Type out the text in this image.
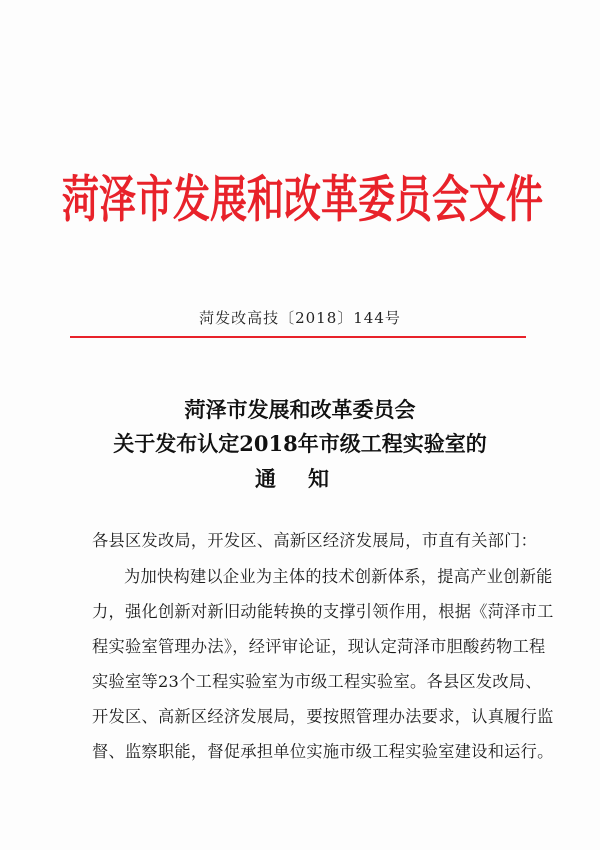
菏泽市发展和改革委员会文件
菏发改高技〔2018〕144号
菏泽市发展和改革委员会
关于发布认定2018年市级工程实验室的
通知
各县区发改局，开发区、高新区经济发展局，市直有关部门：
为加快构建以企业为主体的技术创新体系，提高产业创新能
力，强化创新对新旧动能转换的支撑引领作用，根据《菏泽市工
程实验室管理办法》，经评审论证，现认定菏泽市胆酸药物工程
实验室等23个工程实验室为市级工程实验室。各县区发改局、
开发区、高新区经济发展局，要按照管理办法要求，认真履行监
督、监察职能，督促承担单位实施市级工程实验室建设和运行。
